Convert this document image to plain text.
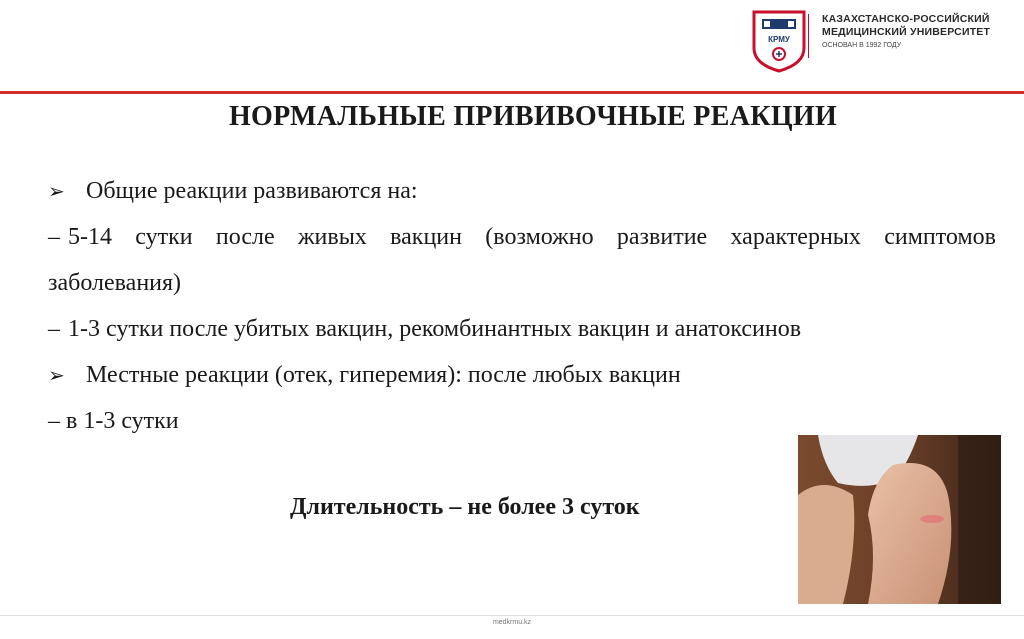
КРМУ
КАЗАХСТАНСКО-РОССИЙСКИЙ
МЕДИЦИНСКИЙ УНИВЕРСИТЕТ
ОСНОВАН В 1992 ГОДУ
НОРМАЛЬНЫЕ ПРИВИВОЧНЫЕ РЕАКЦИИ

➢ Общие реакции развиваются на:

– 5-14 сутки после живых вакцин (возможно развитие характерных симптомов заболевания)

– 1-3 сутки после убитых вакцин, рекомбинантных вакцин и анатоксинов

➢ Местные реакции (отек, гиперемия): после любых вакцин

– в 1-3 сутки

Длительность – не более 3 суток
medkrmu.kz
